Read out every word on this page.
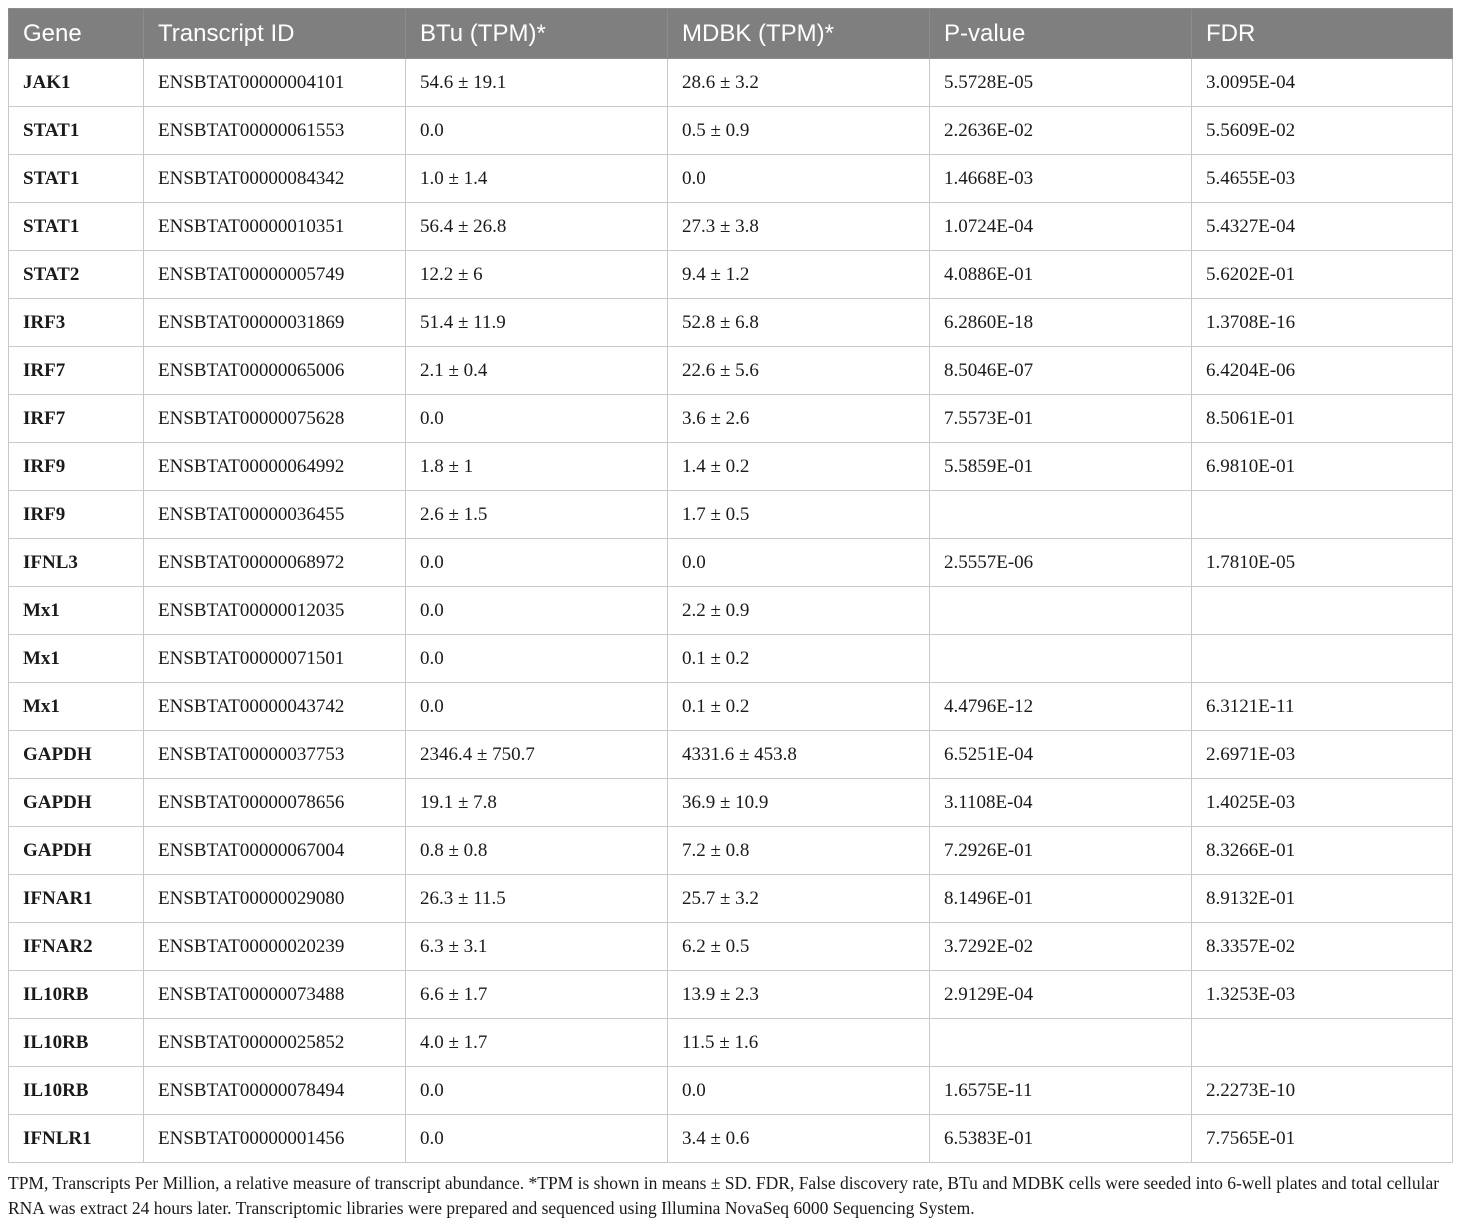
Gene	Transcript ID	BTu (TPM)*	MDBK (TPM)*	P-value	FDR
JAK1	ENSBTAT00000004101	54.6 ± 19.1	28.6 ± 3.2	5.5728E-05	3.0095E-04
STAT1	ENSBTAT00000061553	0.0	0.5 ± 0.9	2.2636E-02	5.5609E-02
STAT1	ENSBTAT00000084342	1.0 ± 1.4	0.0	1.4668E-03	5.4655E-03
STAT1	ENSBTAT00000010351	56.4 ± 26.8	27.3 ± 3.8	1.0724E-04	5.4327E-04
STAT2	ENSBTAT00000005749	12.2 ± 6	9.4 ± 1.2	4.0886E-01	5.6202E-01
IRF3	ENSBTAT00000031869	51.4 ± 11.9	52.8 ± 6.8	6.2860E-18	1.3708E-16
IRF7	ENSBTAT00000065006	2.1 ± 0.4	22.6 ± 5.6	8.5046E-07	6.4204E-06
IRF7	ENSBTAT00000075628	0.0	3.6 ± 2.6	7.5573E-01	8.5061E-01
IRF9	ENSBTAT00000064992	1.8 ± 1	1.4 ± 0.2	5.5859E-01	6.9810E-01
IRF9	ENSBTAT00000036455	2.6 ± 1.5	1.7 ± 0.5		
IFNL3	ENSBTAT00000068972	0.0	0.0	2.5557E-06	1.7810E-05
Mx1	ENSBTAT00000012035	0.0	2.2 ± 0.9		
Mx1	ENSBTAT00000071501	0.0	0.1 ± 0.2		
Mx1	ENSBTAT00000043742	0.0	0.1 ± 0.2	4.4796E-12	6.3121E-11
GAPDH	ENSBTAT00000037753	2346.4 ± 750.7	4331.6 ± 453.8	6.5251E-04	2.6971E-03
GAPDH	ENSBTAT00000078656	19.1 ± 7.8	36.9 ± 10.9	3.1108E-04	1.4025E-03
GAPDH	ENSBTAT00000067004	0.8 ± 0.8	7.2 ± 0.8	7.2926E-01	8.3266E-01
IFNAR1	ENSBTAT00000029080	26.3 ± 11.5	25.7 ± 3.2	8.1496E-01	8.9132E-01
IFNAR2	ENSBTAT00000020239	6.3 ± 3.1	6.2 ± 0.5	3.7292E-02	8.3357E-02
IL10RB	ENSBTAT00000073488	6.6 ± 1.7	13.9 ± 2.3	2.9129E-04	1.3253E-03
IL10RB	ENSBTAT00000025852	4.0 ± 1.7	11.5 ± 1.6		
IL10RB	ENSBTAT00000078494	0.0	0.0	1.6575E-11	2.2273E-10
IFNLR1	ENSBTAT00000001456	0.0	3.4 ± 0.6	6.5383E-01	7.7565E-01
TPM, Transcripts Per Million, a relative measure of transcript abundance. *TPM is shown in means ± SD. FDR, False discovery rate, BTu and MDBK cells were seeded into 6-well plates and total cellular RNA was extract 24 hours later. Transcriptomic libraries were prepared and sequenced using Illumina NovaSeq 6000 Sequencing System.
